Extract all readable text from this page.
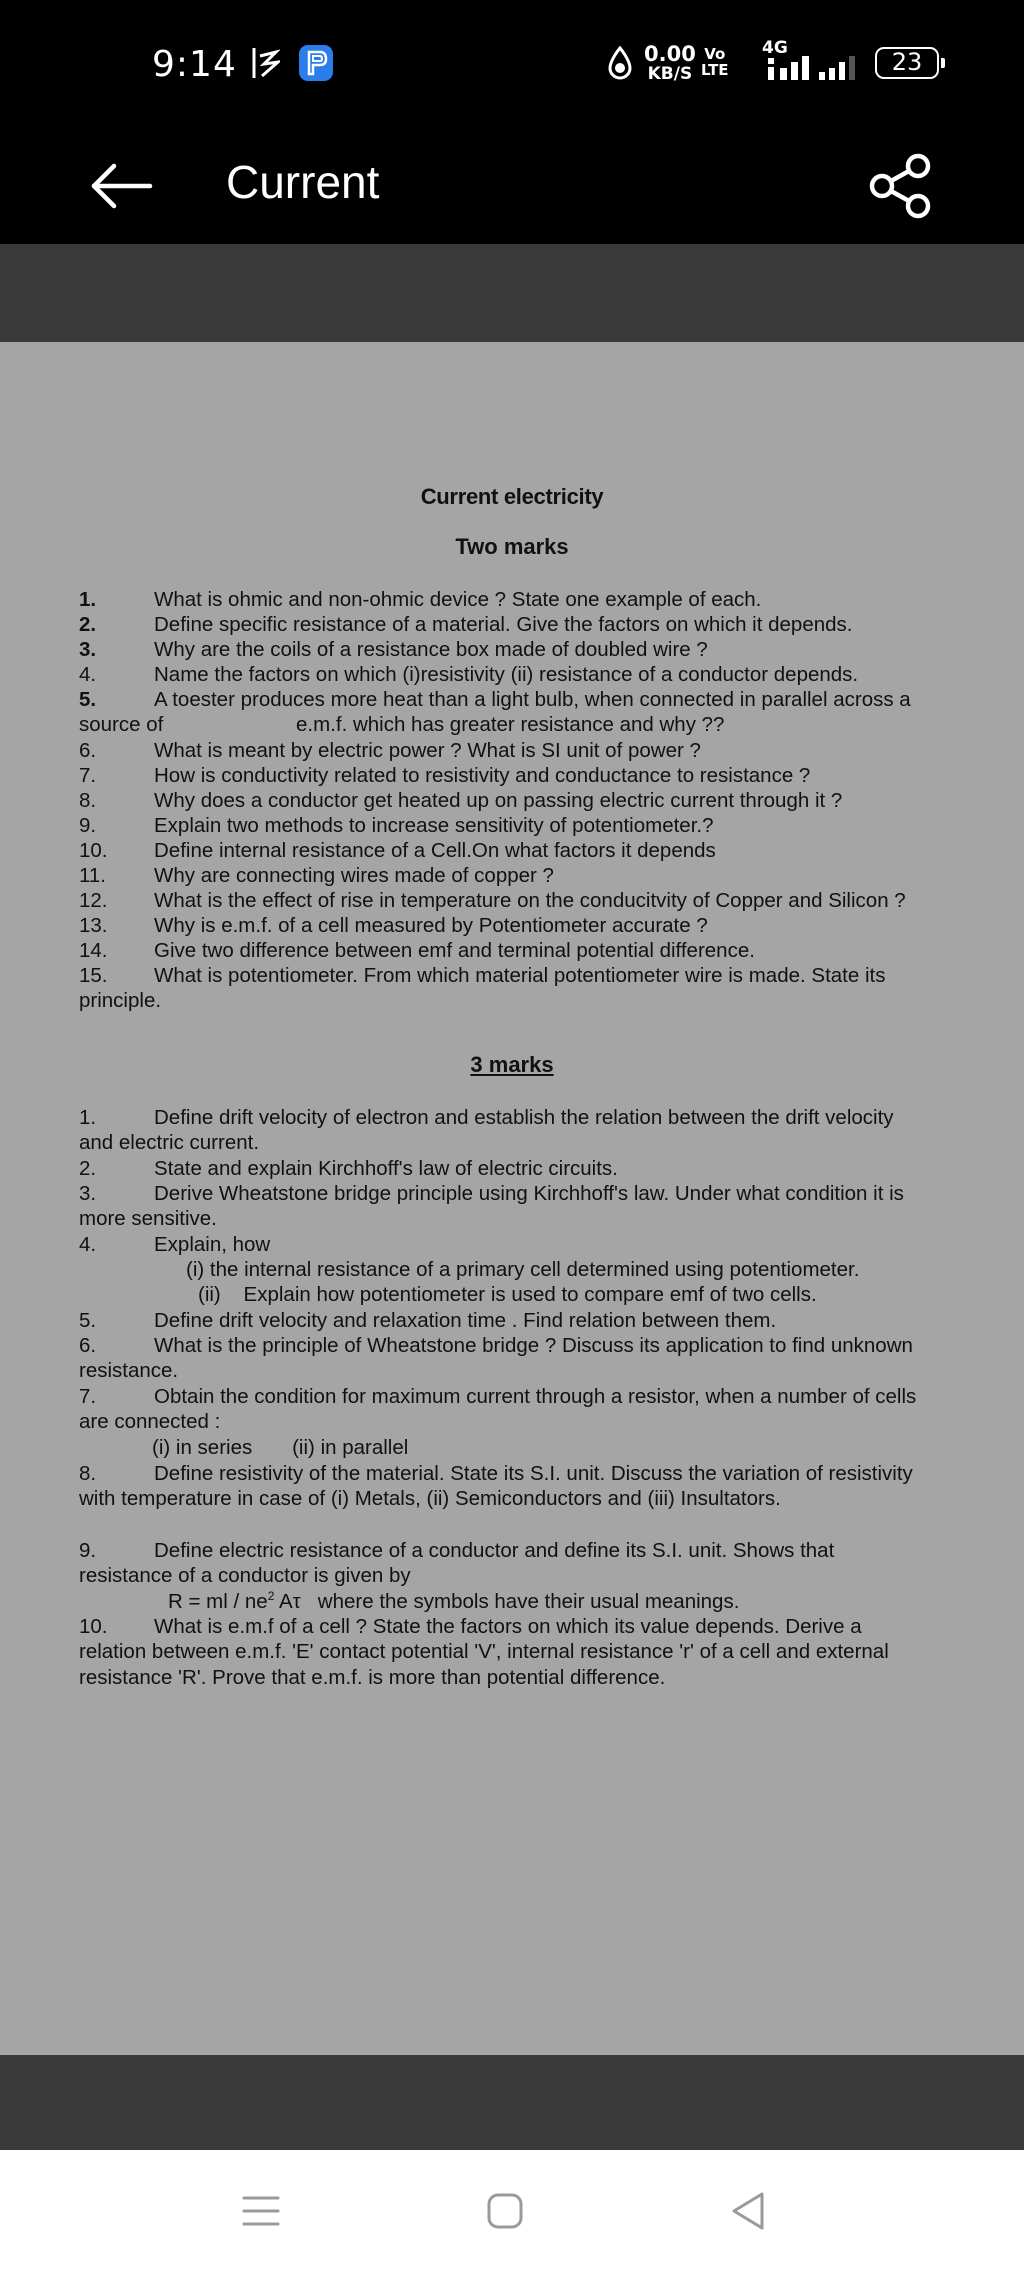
9:14	0.00
KB/S
Vo
LTE
4G	23
Current
Current electricity
Two marks
1.	What is ohmic and non-ohmic device ? State one example of each.
2.	Define specific resistance of a material. Give the factors on which it depends.
3.	Why are the coils of a resistance box made of doubled wire ?
4.	Name the factors on which (i)resistivity (ii) resistance of a conductor depends.
5.	A toester produces more heat than a light bulb, when connected in parallel across a
source of	e.m.f. which has greater resistance and why ??
6.	What is meant by electric power ? What is SI unit of power ?
7.	How is conductivity related to resistivity and conductance to resistance ?
8.	Why does a conductor get heated up on passing electric current through it ?
9.	Explain two methods to increase sensitivity of potentiometer.?
10. Define internal resistance of a Cell.On what factors it depends
11. Why are connecting wires made of copper ?
12. What is the effect of rise in temperature on the conducitvity of Copper and Silicon ?
13. Why is e.m.f. of a cell measured by Potentiometer accurate ?
14. Give two difference between emf and terminal potential difference.
15. What is potentiometer. From which material potentiometer wire is made. State its
principle.
3 marks
1.	Define drift velocity of electron and establish the relation between the drift velocity
and electric current.
2.	State and explain Kirchhoff's law of electric circuits.
3.	Derive Wheatstone bridge principle using Kirchhoff's law. Under what condition it is
more sensitive.
4.	Explain, how
(i) the internal resistance of a primary cell determined using potentiometer.
(ii)    Explain how potentiometer is used to compare emf of two cells.
5.	Define drift velocity and relaxation time . Find relation between them.
6.	What is the principle of Wheatstone bridge ? Discuss its application to find unknown
resistance.
7.	Obtain the condition for maximum current through a resistor, when a number of cells
are connected :
(i) in series       (ii) in parallel
8.	Define resistivity of the material. State its S.I. unit. Discuss the variation of resistivity
with temperature in case of (i) Metals, (ii) Semiconductors and (iii) Insultators.
9.	Define electric resistance of a conductor and define its S.I. unit. Shows that
resistance of a conductor is given by
R = ml / $ne^2$ Aτ   where the symbols have their usual meanings.
10. What is e.m.f of a cell ? State the factors on which its value depends. Derive a
relation between e.m.f. 'E' contact potential 'V', internal resistance 'r' of a cell and external
resistance 'R'. Prove that e.m.f. is more than potential difference.
